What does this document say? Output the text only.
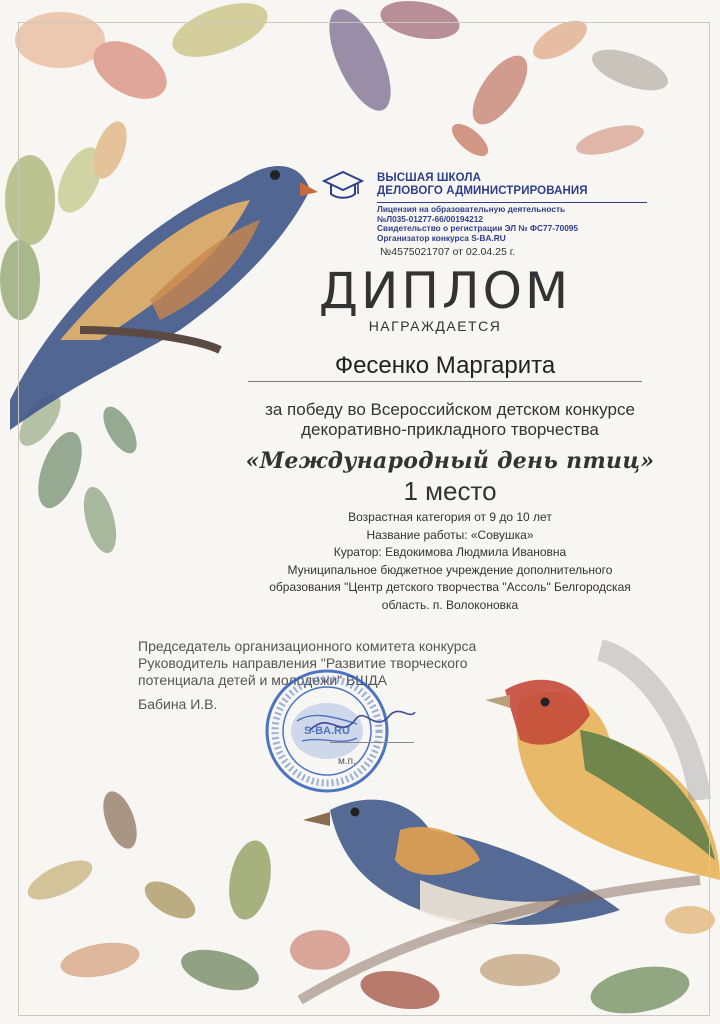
ВЫСШАЯ ШКОЛА
ДЕЛОВОГО АДМИНИСТРИРОВАНИЯ
Лицензия на образовательную деятельность
№Л035-01277-66/00194212
Свидетельство о регистрации ЭЛ № ФС77-70095
Организатор конкурса S-BA.RU
№4575021707 от 02.04.25 г.
ДИПЛОМ
НАГРАЖДАЕТСЯ
Фесенко Маргарита
за победу во Всероссийском детском конкурсе
декоративно-прикладного творчества
«Международный день птиц»
1 место
Возрастная категория от 9 до 10 лет
Название работы: «Совушка»
Куратор: Евдокимова Людмила Ивановна
Муниципальное бюджетное учреждение дополнительного
образования "Центр детского творчества "Ассоль" Белгородская
область. п. Волоконовка
Председатель организационного комитета конкурса
Руководитель направления "Развитие творческого
потенциала детей и молодежи" ВШДА
Бабина И.В.
S-BA.RU
м.п.
